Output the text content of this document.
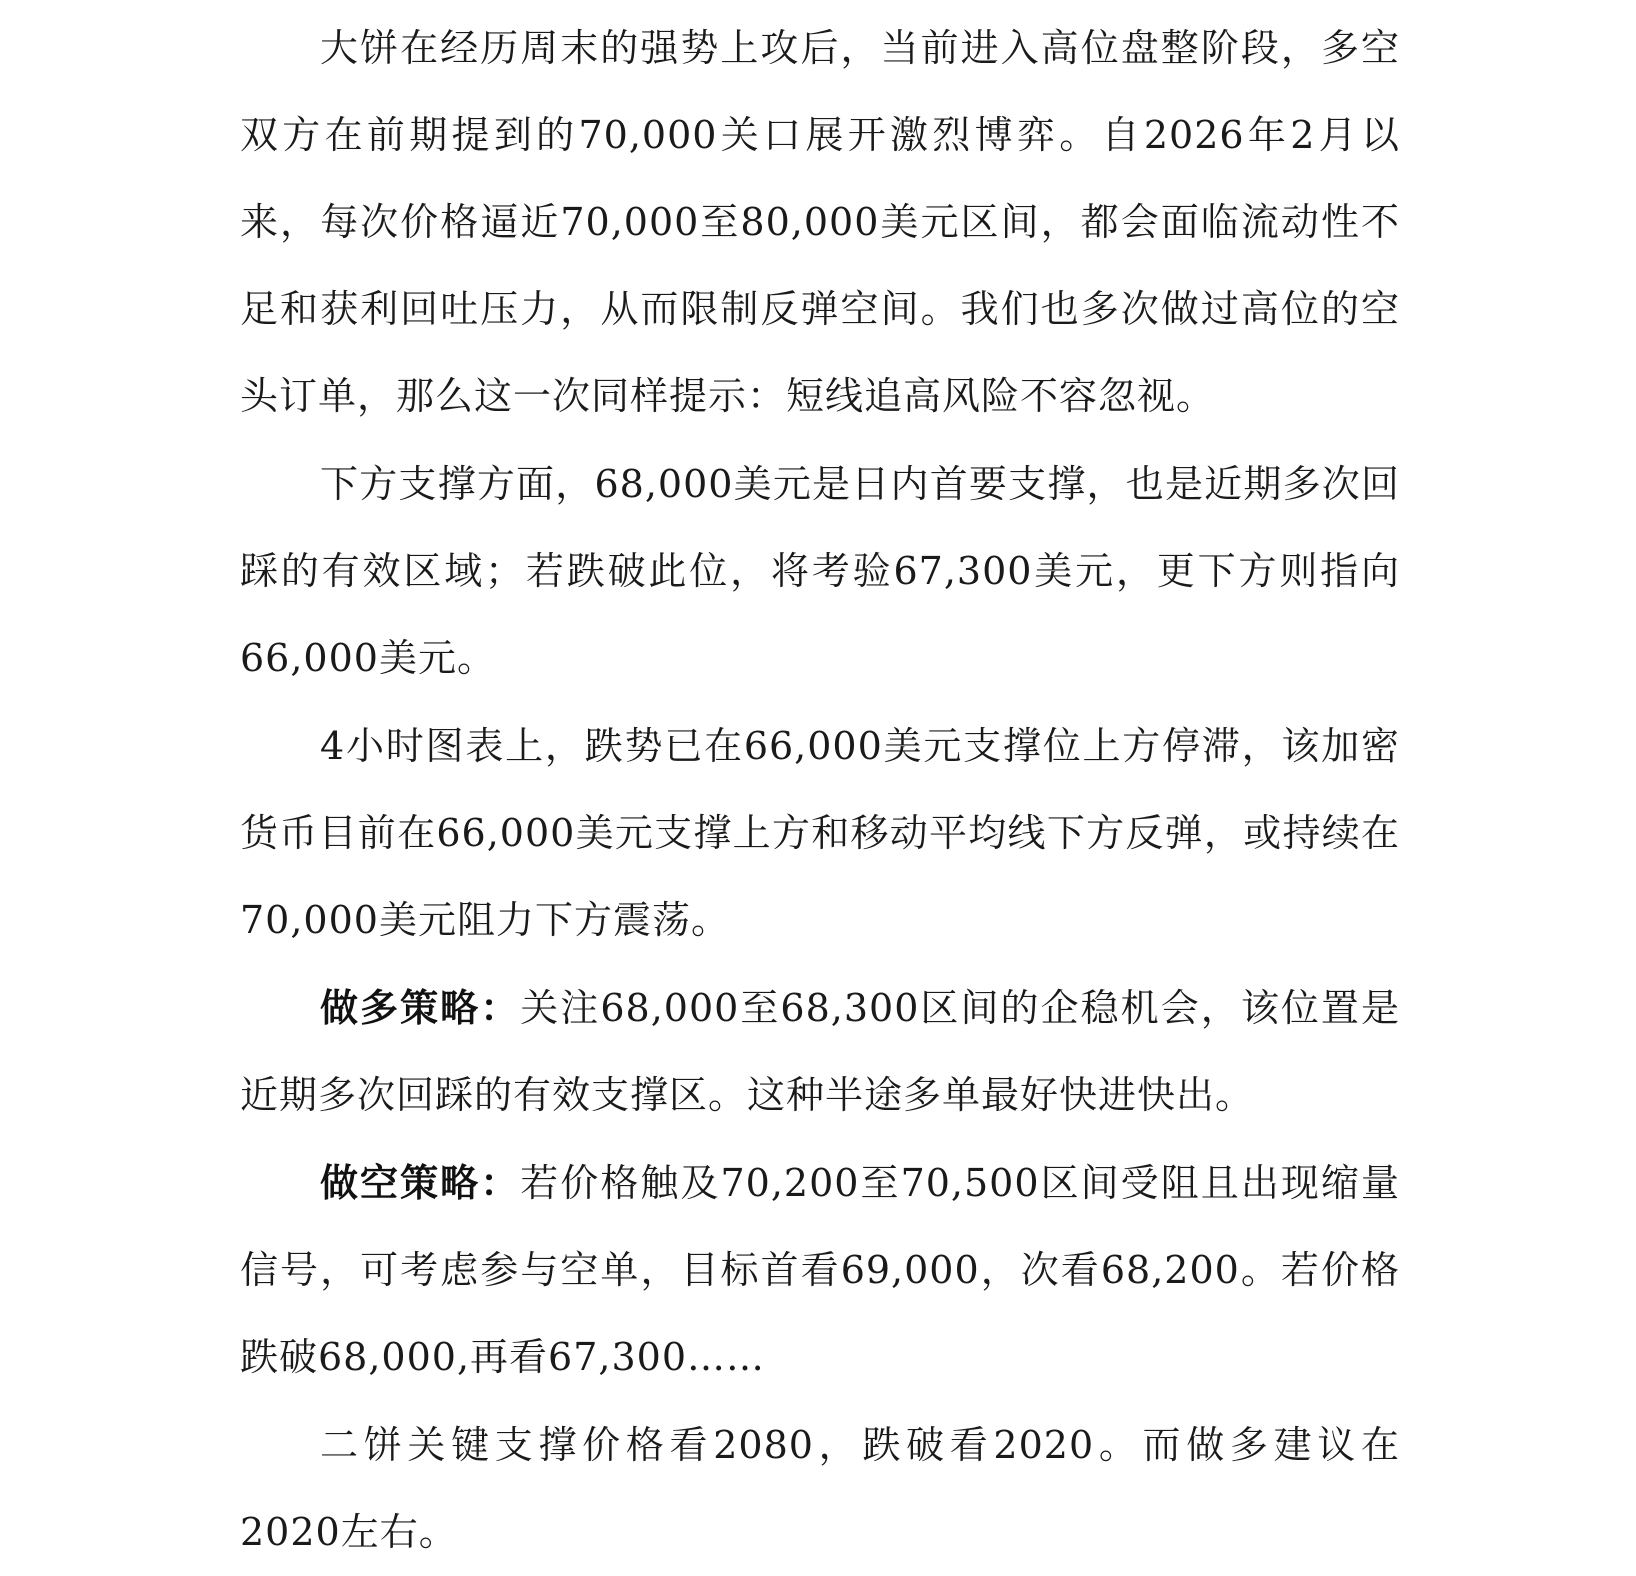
大饼在经历周末的强势上攻后，当前进入高位盘整阶段，多空双方在前期提到的70,000关口展开激烈博弈。自2026年2月以来，每次价格逼近70,000至80,000美元区间，都会面临流动性不足和获利回吐压力，从而限制反弹空间。我们也多次做过高位的空头订单，那么这一次同样提示：短线追高风险不容忽视。

下方支撑方面，68,000美元是日内首要支撑，也是近期多次回踩的有效区域；若跌破此位，将考验67,300美元，更下方则指向66,000美元。

4小时图表上，跌势已在66,000美元支撑位上方停滞，该加密货币目前在66,000美元支撑上方和移动平均线下方反弹，或持续在70,000美元阻力下方震荡。

做多策略：关注68,000至68,300区间的企稳机会，该位置是近期多次回踩的有效支撑区。这种半途多单最好快进快出。

做空策略：若价格触及70,200至70,500区间受阻且出现缩量信号，可考虑参与空单，目标首看69,000，次看68,200。若价格跌破68,000,再看67,300……

二饼关键支撑价格看2080，跌破看2020。而做多建议在2020左右。
